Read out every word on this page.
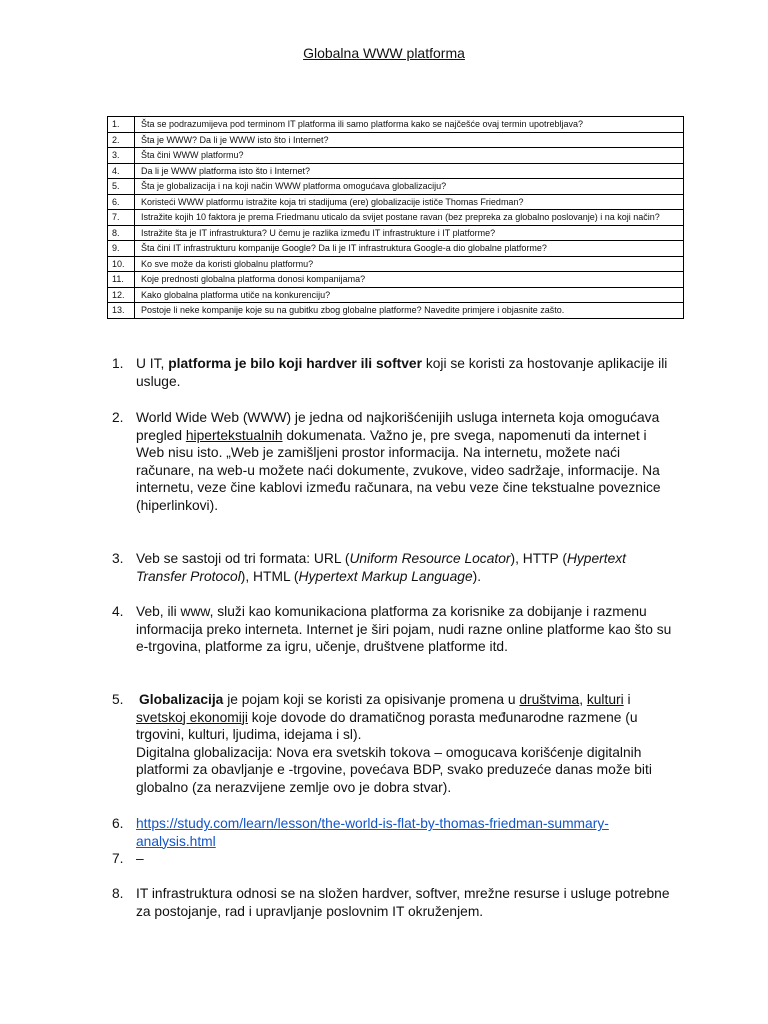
Globalna WWW platforma
1.	Šta se podrazumijeva pod terminom IT platforma ili samo platforma kako se najčešće ovaj termin upotrebljava?
2.	Šta je WWW? Da li je WWW isto što i Internet?
3.	Šta čini WWW platformu?
4.	Da li je WWW platforma isto što i Internet?
5.	Šta je globalizacija i na koji način WWW platforma omogućava globalizaciju?
6.	Koristeći WWW platformu istražite koja tri stadijuma (ere) globalizacije ističe Thomas Friedman?
7.	Istražite kojih 10 faktora je prema Friedmanu uticalo da svijet postane ravan (bez prepreka za globalno poslovanje) i na koji način?
8.	Istražite šta je IT infrastruktura? U čemu je razlika između IT infrastrukture i IT platforme?
9.	Šta čini IT infrastrukturu kompanije Google? Da li je IT infrastruktura Google-a dio globalne platforme?
10.	Ko sve može da koristi globalnu platformu?
11.	Koje prednosti globalna platforma donosi kompanijama?
12.	Kako globalna platforma utiče na konkurenciju?
13.	Postoje li neke kompanije koje su na gubitku zbog globalne platforme? Navedite primjere i objasnite zašto.
1. U IT, platforma je bilo koji hardver ili softver koji se koristi za hostovanje aplikacije ili usluge.
2. World Wide Web (WWW) je jedna od najkorišćenijih usluga interneta koja omogućava pregled hipertekstualnih dokumenata. Važno je, pre svega, napomenuti da internet i Web nisu isto. „Web je zamišljeni prostor informacija. Na internetu, možete naći računare, na web-u možete naći dokumente, zvukove, video sadržaje, informacije. Na internetu, veze čine kablovi između računara, na vebu veze čine tekstualne poveznice (hiperlinkovi).
3. Veb se sastoji od tri formata: URL (Uniform Resource Locator), HTTP (Hypertext Transfer Protocol), HTML (Hypertext Markup Language).
4. Veb, ili www, služi kao komunikaciona platforma za korisnike za dobijanje i razmenu informacija preko interneta. Internet je širi pojam, nudi razne online platforme kao što su e-trgovina, platforme za igru, učenje, društvene platforme itd.
5.	Globalizacija je pojam koji se koristi za opisivanje promena u društvima, kulturi i svetskoj ekonomiji koje dovode do dramatičnog porasta međunarodne razmene (u trgovini, kulturi, ljudima, idejama i sl).
Digitalna globalizacija: Nova era svetskih tokova – omogucava korišćenje digitalnih platformi za obavljanje e -trgovine, povećava BDP, svako preduzeće danas može biti globalno (za nerazvijene zemlje ovo je dobra stvar).
6. https://study.com/learn/lesson/the-world-is-flat-by-thomas-friedman-summary-analysis.html
7. –
8. IT infrastruktura odnosi se na složen hardver, softver, mrežne resurse i usluge potrebne za postojanje, rad i upravljanje poslovnim IT okruženjem.
